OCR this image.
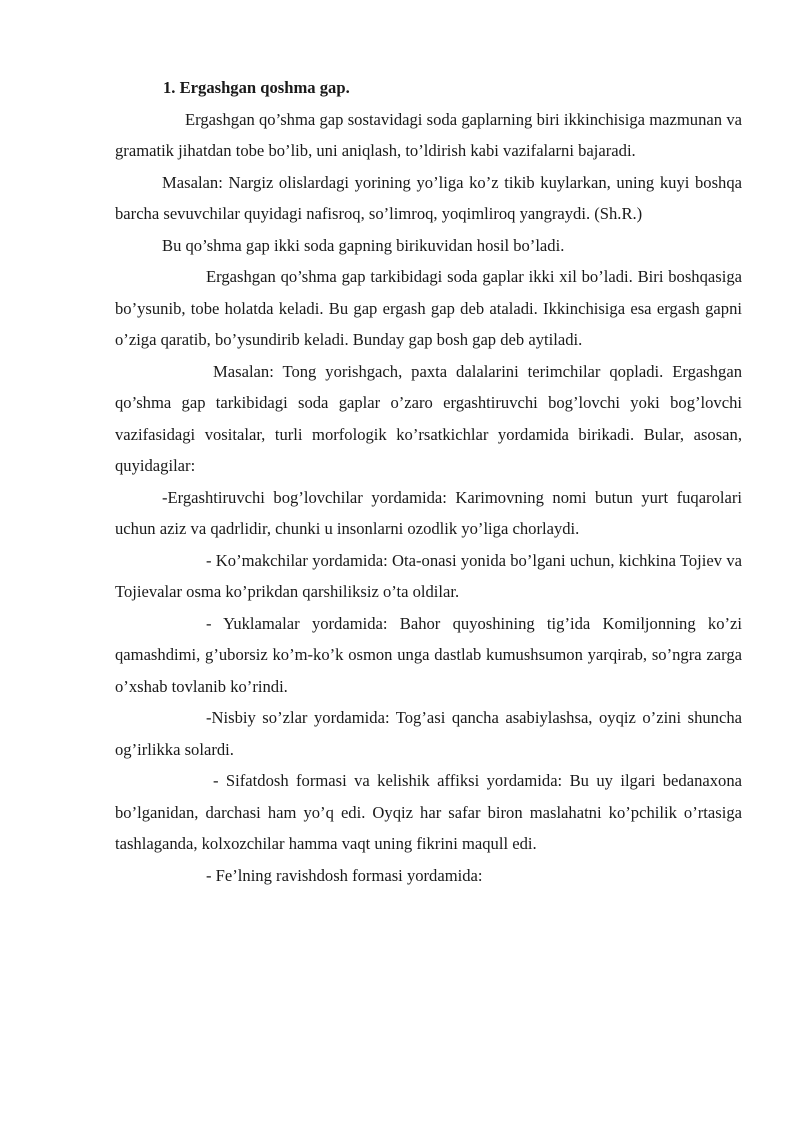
1. Ergashgan qoshma gap.

Ergashgan qo’shma gap sostavidagi soda gaplarning biri ikkinchisiga mazmunan va gramatik jihatdan tobe bo’lib, uni aniqlash, to’ldirish kabi vazifalarni bajaradi.

Masalan: Nargiz olislardagi yorining yo’liga ko’z tikib kuylarkan, uning kuyi boshqa barcha sevuvchilar quyidagi nafisroq, so’limroq, yoqimliroq yangraydi. (Sh.R.)

Bu qo’shma gap ikki soda gapning birikuvidan hosil bo’ladi.

Ergashgan qo’shma gap tarkibidagi soda gaplar ikki xil bo’ladi. Biri boshqasiga bo’ysunib, tobe holatda keladi. Bu gap ergash gap deb ataladi. Ikkinchisiga esa ergash gapni o’ziga qaratib, bo’ysundirib keladi. Bunday gap bosh gap deb aytiladi.

Masalan: Tong yorishgach, paxta dalalarini terimchilar qopladi. Ergashgan qo’shma gap tarkibidagi soda gaplar o’zaro ergashtiruvchi bog’lovchi yoki bog’lovchi vazifasidagi vositalar, turli morfologik ko’rsatkichlar yordamida birikadi. Bular, asosan, quyidagilar:

-Ergashtiruvchi bog’lovchilar yordamida: Karimovning nomi butun yurt fuqarolari uchun aziz va qadrlidir, chunki u insonlarni ozodlik yo’liga chorlaydi.

- Ko’makchilar yordamida: Ota-onasi yonida bo’lgani uchun, kichkina Tojiev va Tojievalar osma ko’prikdan qarshiliksiz o’ta oldilar.

- Yuklamalar yordamida: Bahor quyoshining tig’ida Komiljonning ko’zi qamashdimi, g’uborsiz ko’m-ko’k osmon unga dastlab kumushsumon yarqirab, so’ngra zarga o’xshab tovlanib ko’rindi.

-Nisbiy so’zlar yordamida: Tog’asi qancha asabiylashsa, oyqiz o’zini shuncha og’irlikka solardi.

- Sifatdosh formasi va kelishik affiksi yordamida: Bu uy ilgari bedanaxona bo’lganidan, darchasi ham yo’q edi. Oyqiz har safar biron maslahatni ko’pchilik o’rtasiga tashlaganda, kolxozchilar hamma vaqt uning fikrini maqull edi.

- Fe’lning ravishdosh formasi yordamida:
